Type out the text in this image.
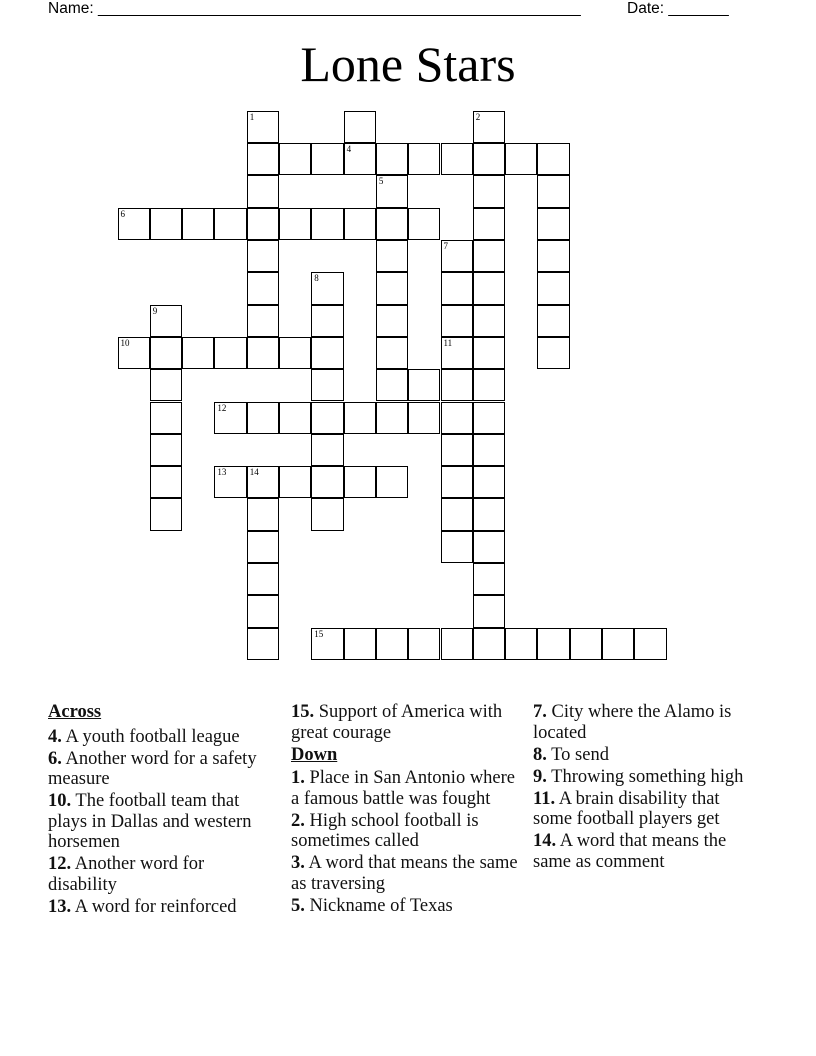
Name: ________________________________________________________	Date: _______
Lone Stars
1	2
4
5
6
7
8
9
10	11
12
13	14
15
Across
4. A youth football league
6. Another word for a safety measure
10. The football team that plays in Dallas and western horsemen
12. Another word for disability
13. A word for reinforced
15. Support of America with great courage
Down
1. Place in San Antonio where a famous battle was fought
2. High school football is sometimes called
3. A word that means the same as traversing
5. Nickname of Texas
7. City where the Alamo is located
8. To send
9. Throwing something high
11. A brain disability that some football players get
14. A word that means the same as comment
